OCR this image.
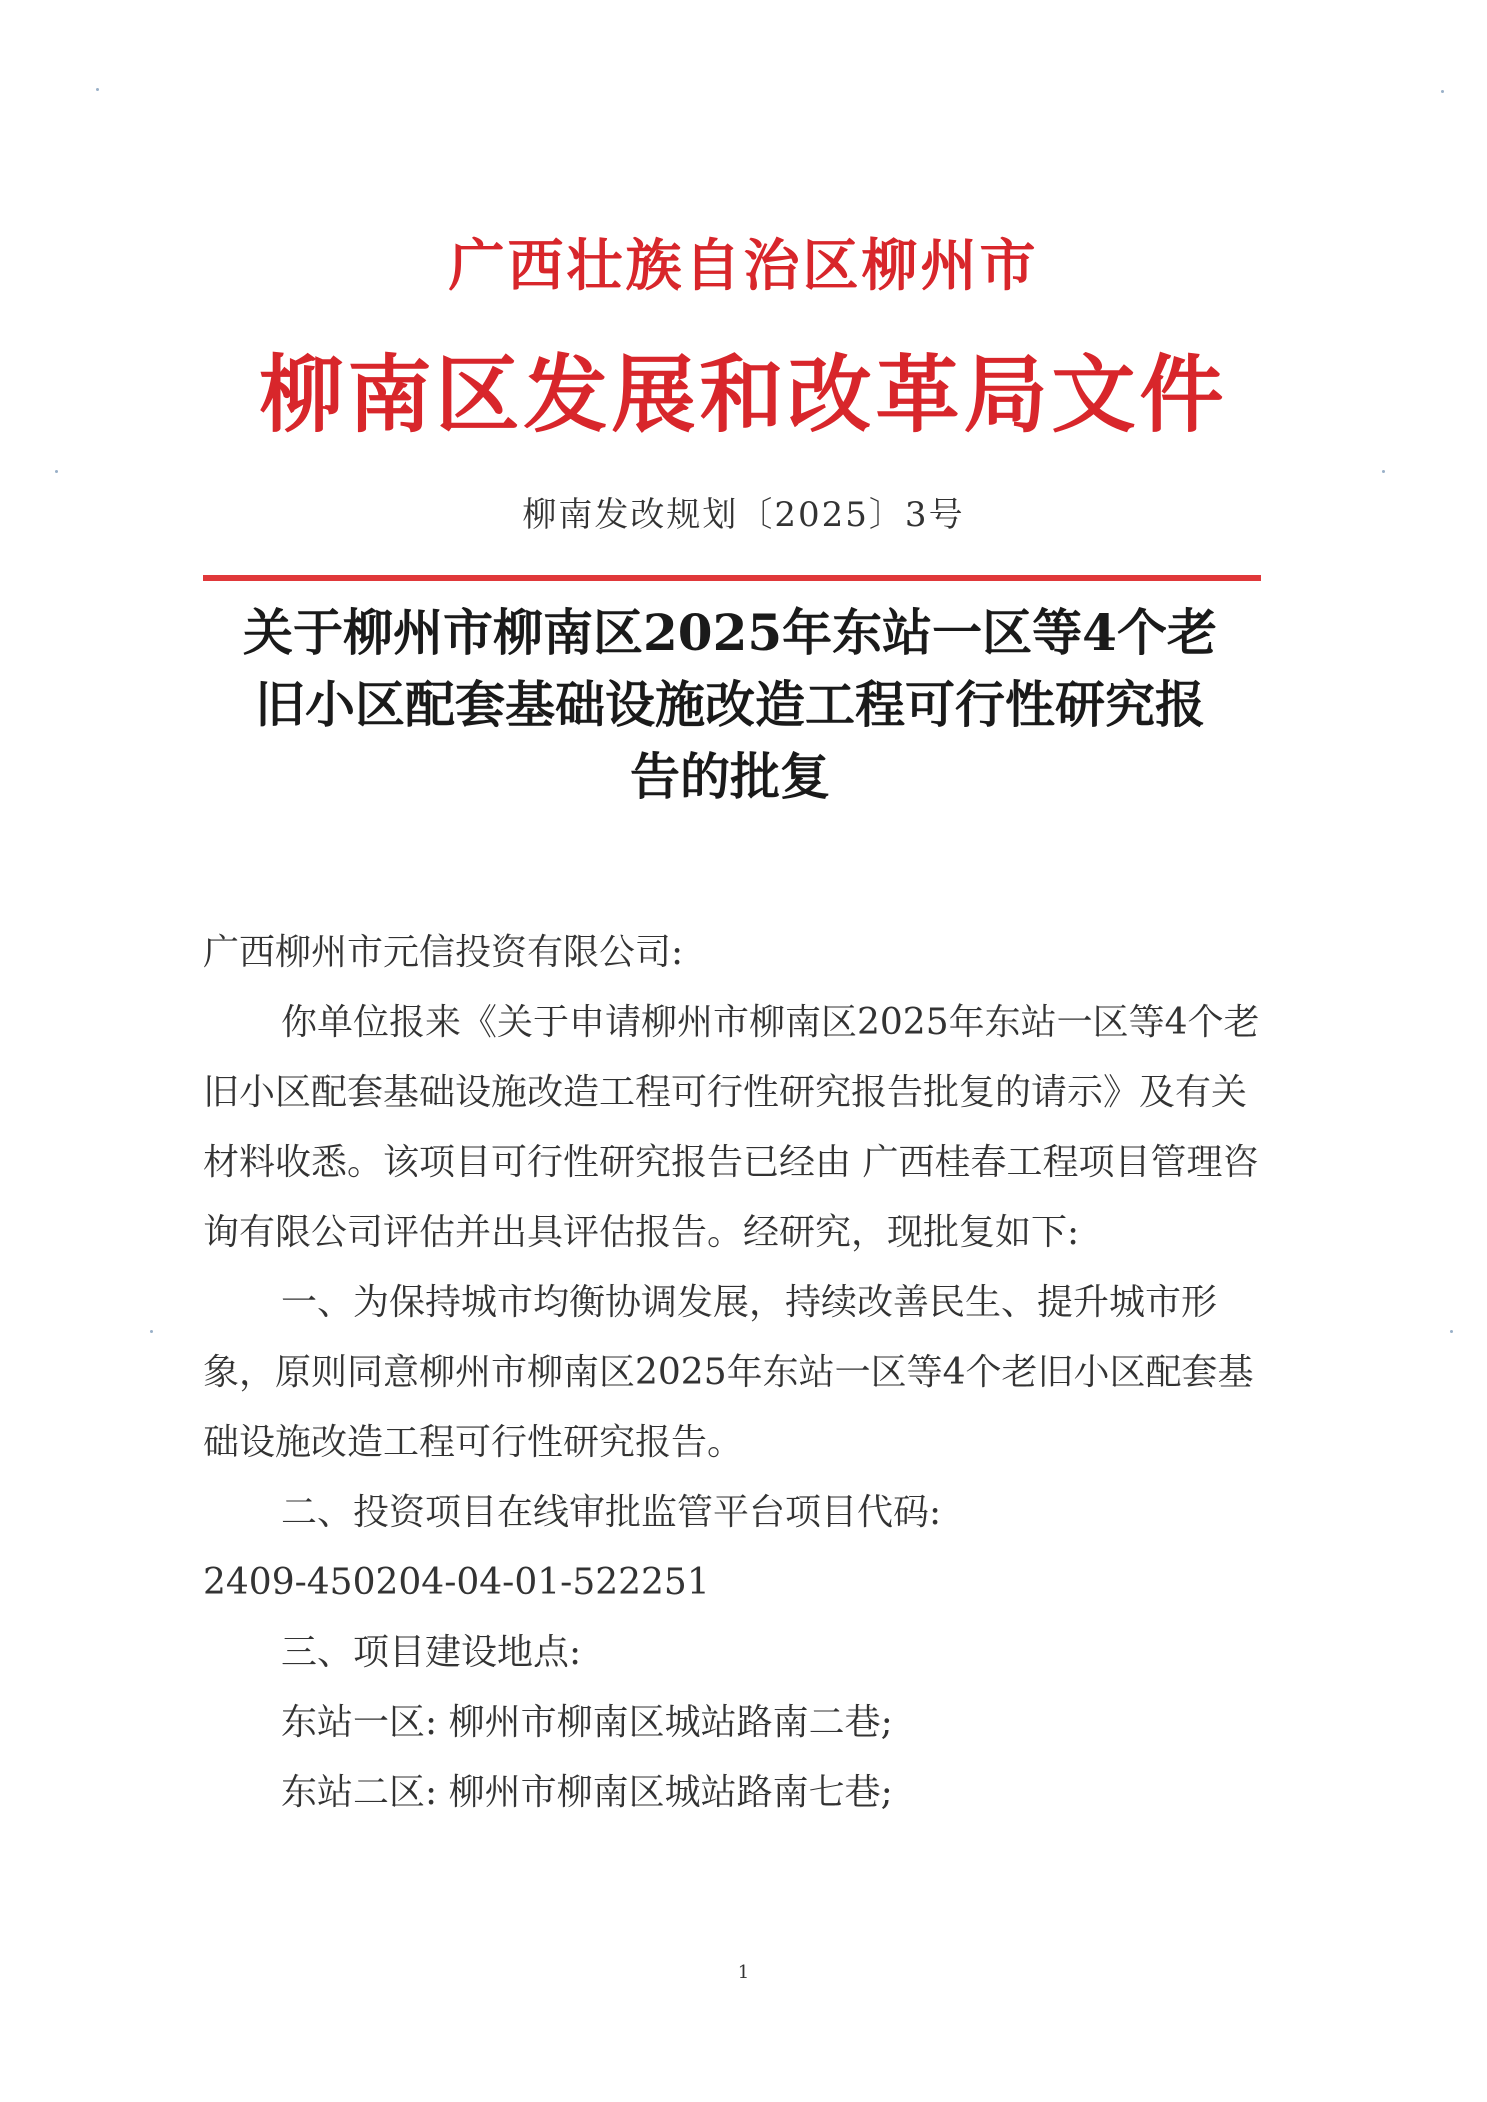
广西壮族自治区柳州市
柳南区发展和改革局文件
柳南发改规划〔2025〕3号
关于柳州市柳南区2025年东站一区等4个老
旧小区配套基础设施改造工程可行性研究报
告的批复

广西柳州市元信投资有限公司:

你单位报来《关于申请柳州市柳南区2025年东站一区等4个老旧小区配套基础设施改造工程可行性研究报告批复的请示》及有关材料收悉。该项目可行性研究报告已经由 广西桂春工程项目管理咨询有限公司评估并出具评估报告。经研究，现批复如下:

一、为保持城市均衡协调发展，持续改善民生、提升城市形象，原则同意柳州市柳南区2025年东站一区等4个老旧小区配套基础设施改造工程可行性研究报告。

二、投资项目在线审批监管平台项目代码:

2409-450204-04-01-522251

三、项目建设地点:

东站一区: 柳州市柳南区城站路南二巷;

东站二区: 柳州市柳南区城站路南七巷;

1
